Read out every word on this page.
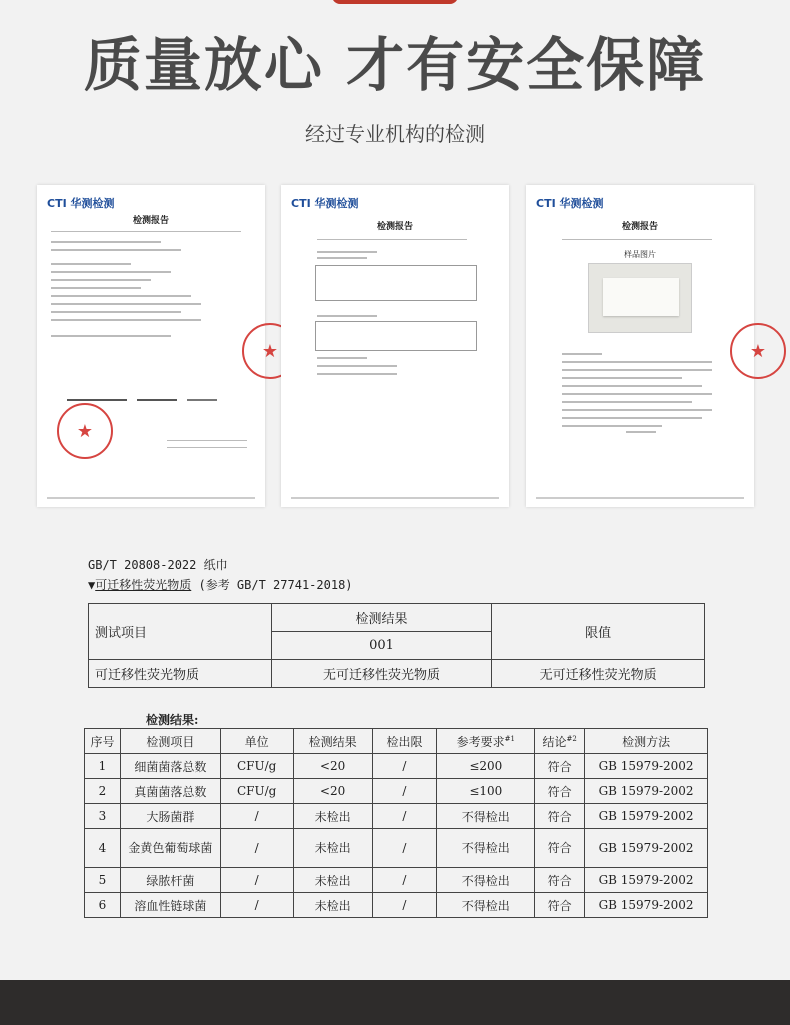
质量放心 才有安全保障
经过专业机构的检测
CTI 华测检测
检测报告
★
★
CTI 华测检测
检测报告
CTI 华测检测
检测报告
样品图片
★
GB/T 20808-2022 纸巾
▼可迁移性荧光物质 (参考 GB/T 27741-2018)
测试项目	检测结果	限值
	001	
可迁移性荧光物质	无可迁移性荧光物质	无可迁移性荧光物质
检测结果:
序号	检测项目	单位	检测结果	检出限	参考要求$^{\#1}$	结论$^{\#2}$	检测方法
1	细菌菌落总数	CFU/g	<20	/	≤200	符合	GB 15979-2002
2	真菌菌落总数	CFU/g	<20	/	≤100	符合	GB 15979-2002
3	大肠菌群	/	未检出	/	不得检出	符合	GB 15979-2002
4	金黄色葡萄球菌	/	未检出	/	不得检出	符合	GB 15979-2002
5	绿脓杆菌	/	未检出	/	不得检出	符合	GB 15979-2002
6	溶血性链球菌	/	未检出	/	不得检出	符合	GB 15979-2002
